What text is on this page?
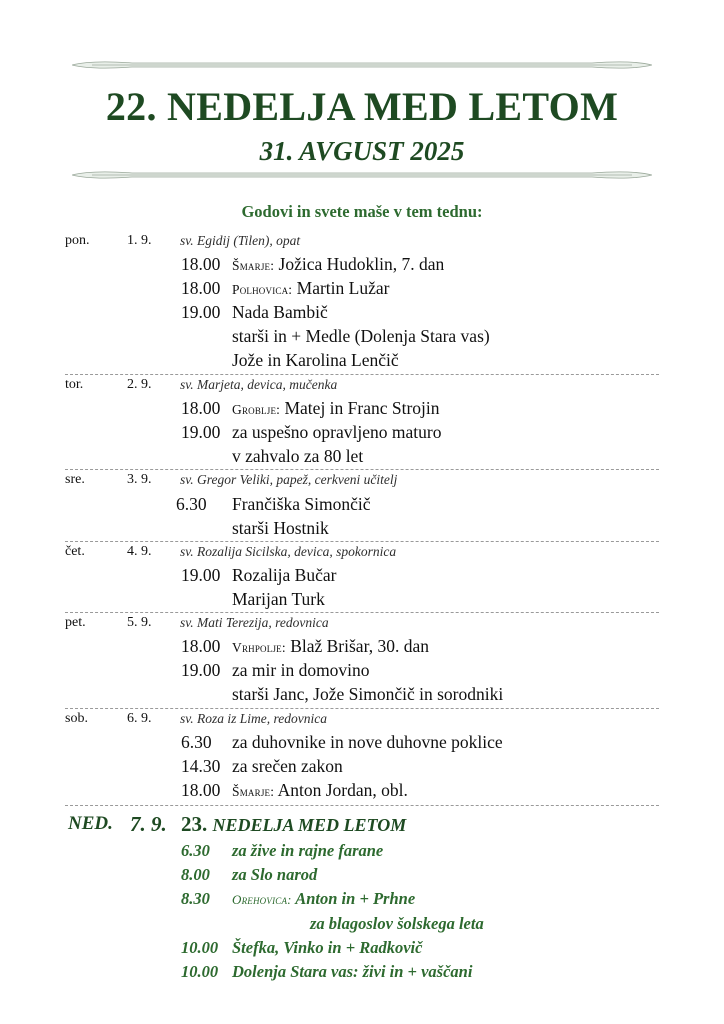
22. NEDELJA MED LETOM
31. AVGUST 2025
Godovi in svete maše v tem tednu:
pon.	1. 9. sv. Egidij (Tilen), opat
18.00 Šmarje: Jožica Hudoklin, 7. dan
18.00 Polhovica: Martin Lužar
19.00 Nada Bambič
starši in + Medle (Dolenja Stara vas)
Jože in Karolina Lenčič
tor.	2. 9. sv. Marjeta, devica, mučenka
18.00 Grobljе: Matej in Franc Strojin
19.00 za uspešno opravljeno maturo
v zahvalo za 80 let
sre.	3. 9. sv. Gregor Veliki, papež, cerkveni učitelj
6.30 Frančiška Simončič
starši Hostnik
čet.	4. 9. sv. Rozalija Sicilska, devica, spokornica
19.00 Rozalija Bučar
Marijan Turk
pet.	5. 9. sv. Mati Terezija, redovnica
18.00 Vrhpolje: Blaž Brišar, 30. dan
19.00 za mir in domovino
starši Janc, Jože Simončič in sorodniki
sob.	6. 9. sv. Roza iz Lime, redovnica
6.30 za duhovnike in nove duhovne poklice
14.30 za srečen zakon
18.00 Šmarje: Anton Jordan, obl.
NED. 7. 9. 23. NEDELJA MED LETOM
6.30 za žive in rajne farane
8.00 za Slo narod
8.30 Orehovica: Anton in + Prhne
za blagoslov šolskega leta
10.00 Štefka, Vinko in + Radkovič
10.00 Dolenja Stara vas: živi in + vaščani
